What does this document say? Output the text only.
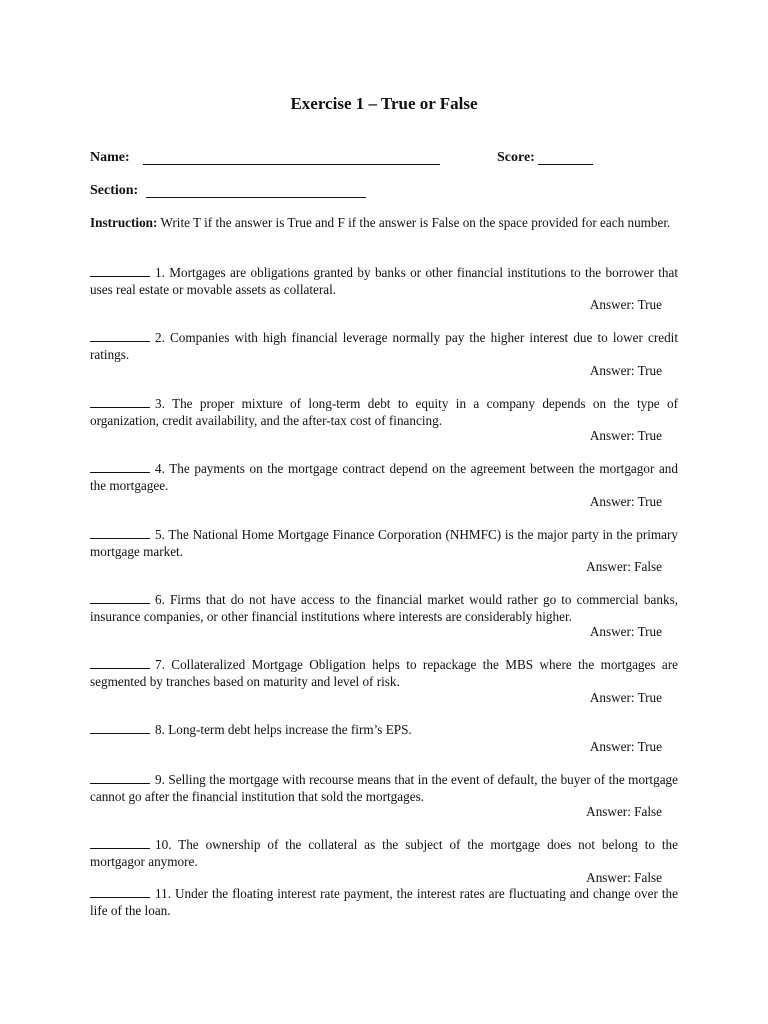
Exercise 1 – True or False
Name:	Score:
Section:
Instruction: Write T if the answer is True and F if the answer is False on the space provided for each number.
1. Mortgages are obligations granted by banks or other financial institutions to the borrower that uses real estate or movable assets as collateral.
Answer: True
2. Companies with high financial leverage normally pay the higher interest due to lower credit ratings.
Answer: True
3. The proper mixture of long-term debt to equity in a company depends on the type of organization, credit availability, and the after-tax cost of financing.
Answer: True
4. The payments on the mortgage contract depend on the agreement between the mortgagor and the mortgagee.
Answer: True
5. The National Home Mortgage Finance Corporation (NHMFC) is the major party in the primary mortgage market.
Answer: False
6. Firms that do not have access to the financial market would rather go to commercial banks, insurance companies, or other financial institutions where interests are considerably higher.
Answer: True
7. Collateralized Mortgage Obligation helps to repackage the MBS where the mortgages are segmented by tranches based on maturity and level of risk.
Answer: True
8. Long-term debt helps increase the firm’s EPS.
Answer: True
9. Selling the mortgage with recourse means that in the event of default, the buyer of the mortgage cannot go after the financial institution that sold the mortgages.
Answer: False
10. The ownership of the collateral as the subject of the mortgage does not belong to the mortgagor anymore.
Answer: False
11. Under the floating interest rate payment, the interest rates are fluctuating and change over the life of the loan.
